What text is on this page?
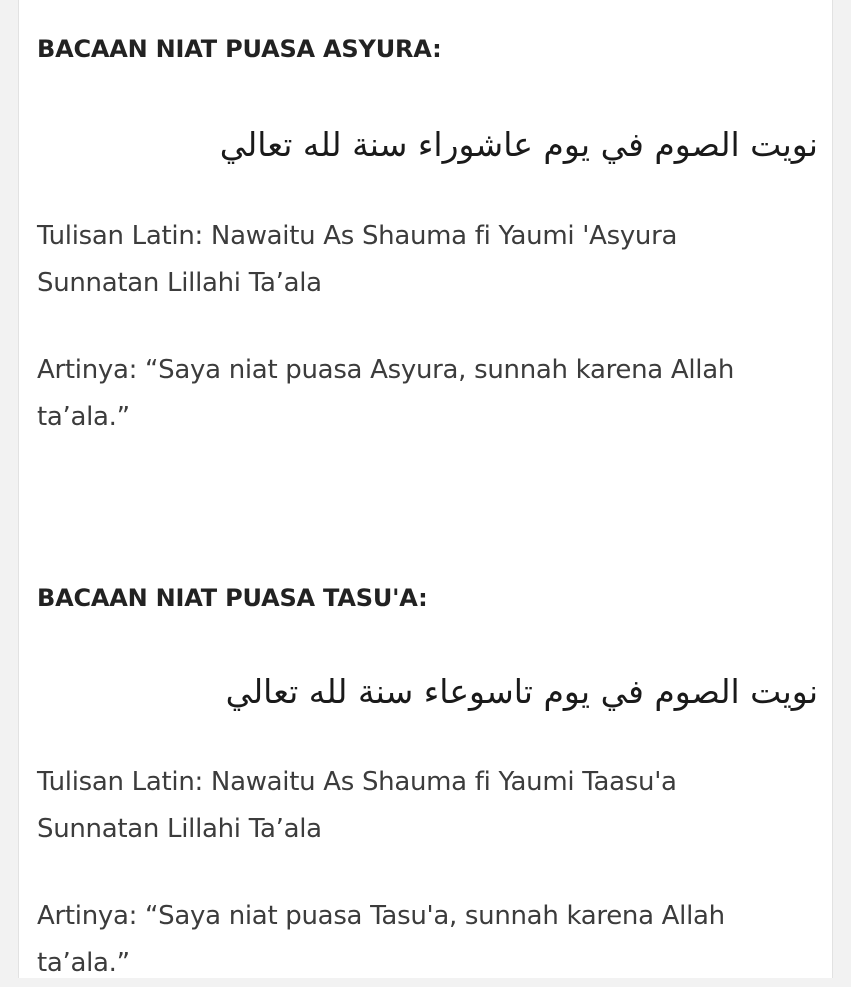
BACAAN NIAT PUASA ASYURA:

نويت الصوم في يوم عاشوراء سنة لله تعالي

Tulisan Latin: Nawaitu As Shauma fi Yaumi 'Asyura
Sunnatan Lillahi Ta’ala

Artinya: “Saya niat puasa Asyura, sunnah karena Allah
ta’ala.”

BACAAN NIAT PUASA TASU'A:

نويت الصوم في يوم تاسوعاء سنة لله تعالي

Tulisan Latin: Nawaitu As Shauma fi Yaumi Taasu'a
Sunnatan Lillahi Ta’ala

Artinya: “Saya niat puasa Tasu'a, sunnah karena Allah
ta’ala.”
